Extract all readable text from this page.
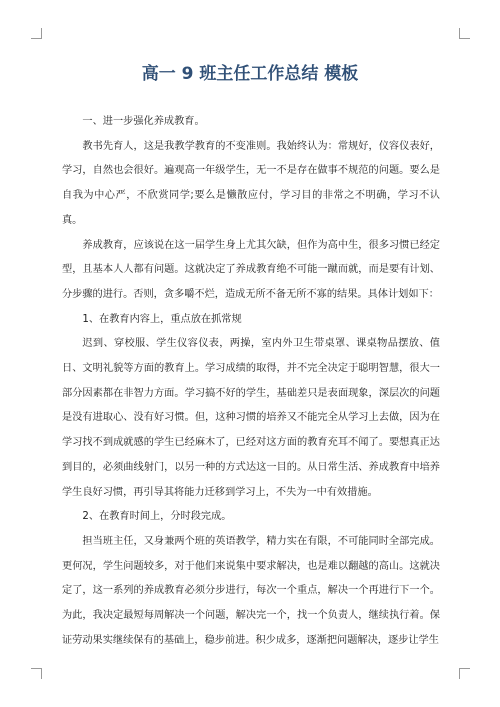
高一 9 班主任工作总结 模板

一、进一步强化养成教育。

教书先育人，这是我教学教育的不变准则。我始终认为：常规好，仪容仪表好，学习，自然也会很好。遍观高一年级学生，无一不是存在做事不规范的问题。要么是自我为中心严，不欣赏同学;要么是懒散应付，学习目的非常之不明确，学习不认真。

养成教育，应该说在这一届学生身上尤其欠缺，但作为高中生，很多习惯已经定型，且基本人人都有问题。这就决定了养成教育绝不可能一蹴而就，而是要有计划、分步骤的进行。否则，贪多嚼不烂，造成无所不备无所不寡的结果。具体计划如下：

1、在教育内容上，重点放在抓常规

迟到、穿校服、学生仪容仪表，两操，室内外卫生带桌罩、课桌物品摆放、值日、文明礼貌等方面的教育上。学习成绩的取得，并不完全决定于聪明智慧，很大一部分因素都在非智力方面。学习搞不好的学生，基础差只是表面现象，深层次的问题是没有进取心、没有好习惯。但，这种习惯的培养又不能完全从学习上去做，因为在学习找不到成就感的学生已经麻木了，已经对这方面的教育充耳不闻了。要想真正达到目的，必须曲线射门，以另一种的方式达这一目的。从日常生活、养成教育中培养学生良好习惯，再引导其将能力迁移到学习上，不失为一中有效措施。

2、在教育时间上，分时段完成。

担当班主任，又身兼两个班的英语教学，精力实在有限，不可能同时全部完成。更何况，学生问题较多，对于他们来说集中要求解决，也是难以翻越的高山。这就决定了，这一系列的养成教育必须分步进行，每次一个重点，解决一个再进行下一个。为此，我决定最短每周解决一个问题，解决完一个，找一个负责人，继续执行着。保证劳动果实继续保有的基础上，稳步前进。积少成多，逐渐把问题解决，逐步让学生
